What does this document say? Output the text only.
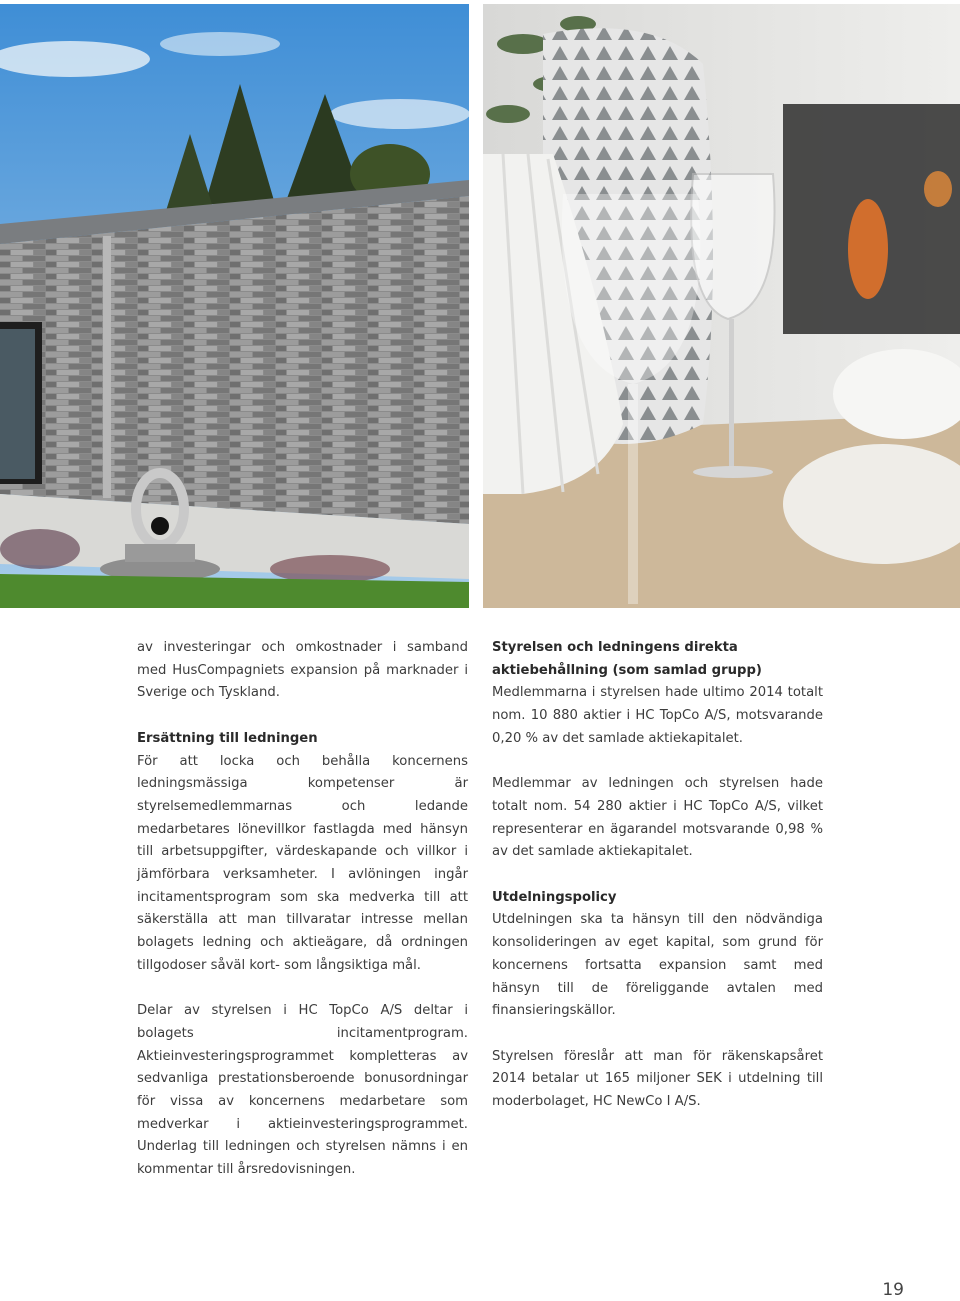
av investeringar och omkostnader i samband med HusCompagniets expansion på marknader i Sverige och Tyskland.

Ersättning till ledningen

För att locka och behålla koncernens ledningsmässiga kompetenser är styrelsemedlemmarnas och ledande medarbetares lönevillkor fastlagda med hänsyn till arbetsuppgifter, värdeskapande och villkor i jämförbara verksamheter. I avlöningen ingår incitamentsprogram som ska medverka till att säkerställa att man tillvaratar intresse mellan bolagets ledning och aktieägare, då ordningen tillgodoser såväl kort- som långsiktiga mål.

Delar av styrelsen i HC TopCo A/S deltar i bolagets incitamentprogram. Aktieinvesteringsprogrammet kompletteras av sedvanliga prestationsberoende bonusordningar för vissa av koncernens medarbetare som medverkar i aktieinvesteringsprogrammet. Underlag till ledningen och styrelsen nämns i en kommentar till årsredovisningen.

Styrelsen och ledningens direkta aktiebehållning (som samlad grupp)

Medlemmarna i styrelsen hade ultimo 2014 totalt nom. 10 880 aktier i HC TopCo A/S, motsvarande 0,20 % av det samlade aktiekapitalet.

Medlemmar av ledningen och styrelsen hade totalt nom. 54 280 aktier i HC TopCo A/S, vilket representerar en ägarandel motsvarande 0,98 % av det samlade aktiekapitalet.

Utdelningspolicy

Utdelningen ska ta hänsyn till den nödvändiga konsolideringen av eget kapital, som grund för koncernens fortsatta expansion samt med hänsyn till de föreliggande avtalen med finansieringskällor.

Styrelsen föreslår att man för räkenskapsåret 2014 betalar ut 165 miljoner SEK i utdelning till moderbolaget, HC NewCo I A/S.

19
